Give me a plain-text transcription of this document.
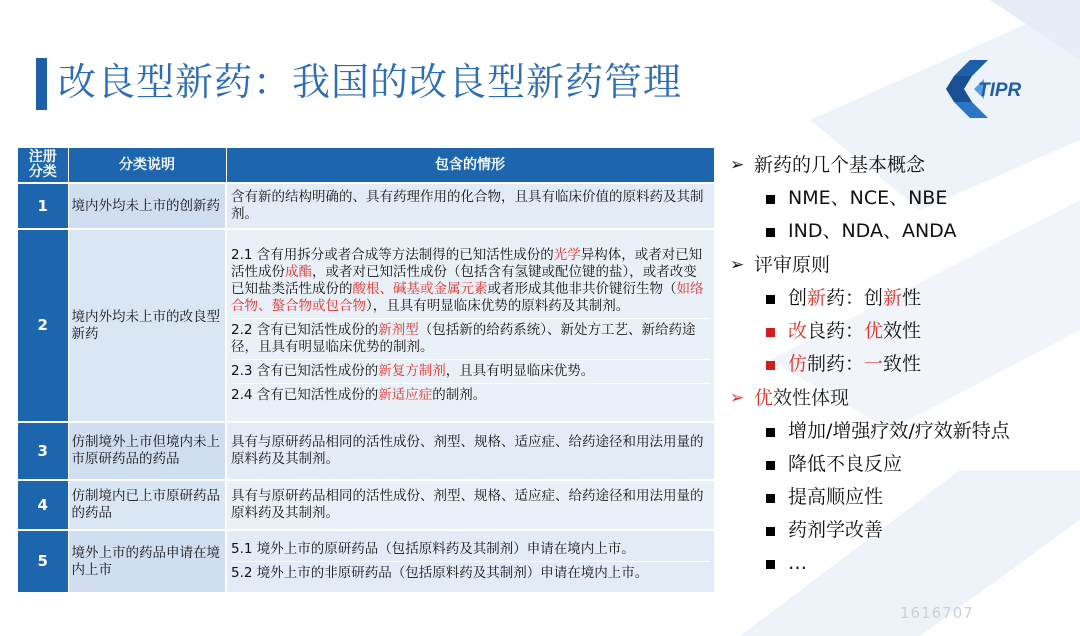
改良型新药：我国的改良型新药管理	TIPR
注册
分类	分类说明	包含的情形
1	境内外均未上市的创新药	含有新的结构明确的、具有药理作用的化合物，且具有临床价值的原料药及其制剂。

2	境内外均未上市的改良型新药	2.1 含有用拆分或者合成等方法制得的已知活性成份的光学异构体，或者对已知活性成份成酯，或者对已知活性成份（包括含有氢键或配位键的盐），或者改变已知盐类活性成份的酸根、碱基或金属元素或者形成其他非共价键衍生物（如络合物、螯合物或包合物），且具有明显临床优势的原料药及其制剂。
2.2 含有已知活性成份的新剂型（包括新的给药系统）、新处方工艺、新给药途径，且具有明显临床优势的制剂。
2.3 含有已知活性成份的新复方制剂，且具有明显临床优势。
2.4 含有已知活性成份的新适应症的制剂。

3	仿制境外上市但境内未上市原研药品的药品	具有与原研药品相同的活性成份、剂型、规格、适应症、给药途径和用法用量的原料药及其制剂。

4	仿制境内已上市原研药品的药品	具有与原研药品相同的活性成份、剂型、规格、适应症、给药途径和用法用量的原料药及其制剂。

5	境外上市的药品申请在境内上市	5.1 境外上市的原研药品（包括原料药及其制剂）申请在境内上市。
5.2 境外上市的非原研药品（包括原料药及其制剂）申请在境内上市。
➢ 新药的几个基本概念
NME、NCE、NBE
IND、NDA、ANDA
➢ 评审原则
创新药：创新性
改良药：优效性
仿制药：一致性
➢ 优效性体现
增加/增强疗效/疗效新特点
降低不良反应
提高顺应性
药剂学改善
…
1616707
